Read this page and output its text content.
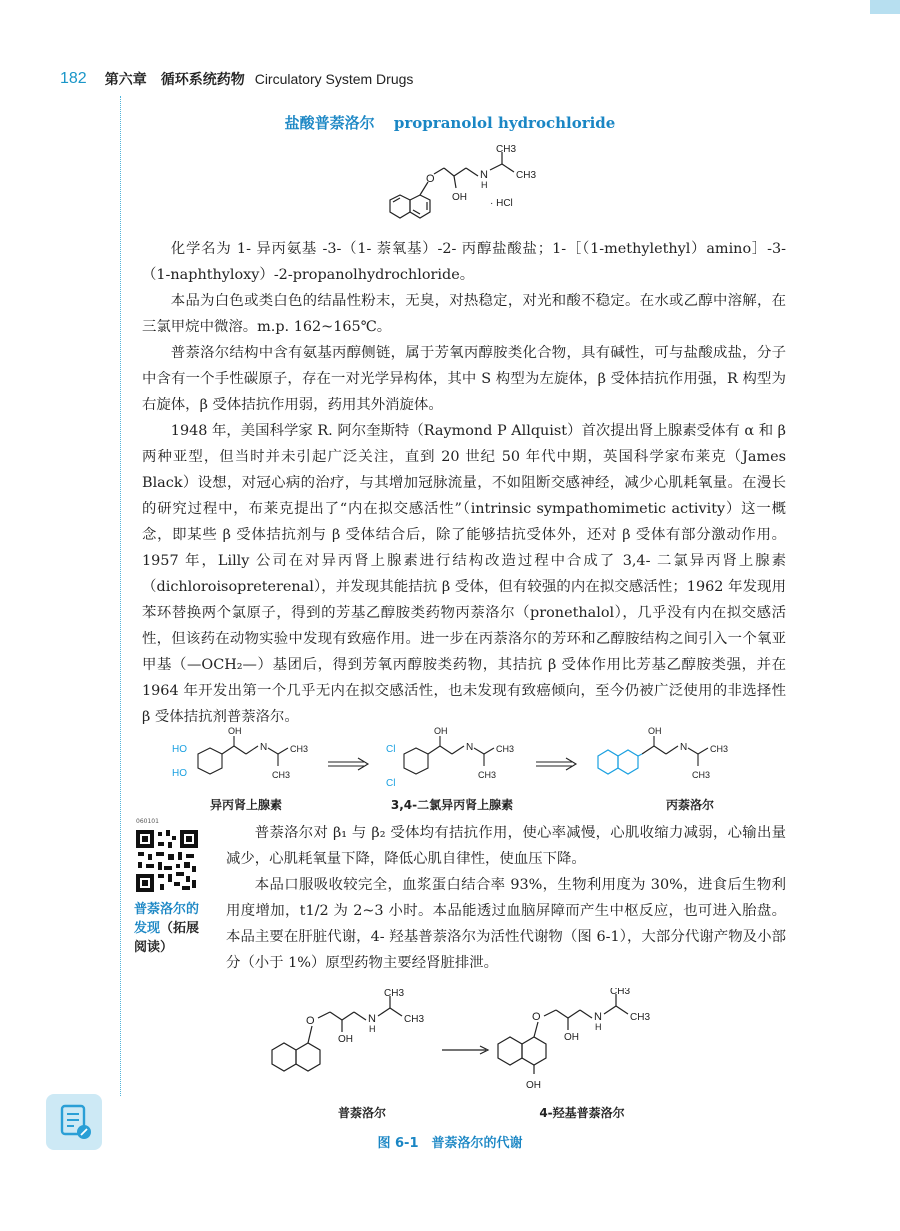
182 第六章 循环系统药物 Circulatory System Drugs
盐酸普萘洛尔 propranolol hydrochloride
O
OH
N
H
CH3
CH3
· HCl
化学名为 1- 异丙氨基 -3-（1- 萘氧基）-2- 丙醇盐酸盐；1-［（1-methylethyl）amino］-3-（1-naphthyloxy）-2-propanolhydrochloride。
本品为白色或类白色的结晶性粉末，无臭，对热稳定，对光和酸不稳定。在水或乙醇中溶解，在三氯甲烷中微溶。m.p. 162~165℃。
普萘洛尔结构中含有氨基丙醇侧链，属于芳氧丙醇胺类化合物，具有碱性，可与盐酸成盐，分子中含有一个手性碳原子，存在一对光学异构体，其中 S 构型为左旋体，β 受体拮抗作用强，R 构型为右旋体，β 受体拮抗作用弱，药用其外消旋体。
1948 年，美国科学家 R. 阿尔奎斯特（Raymond P Allquist）首次提出肾上腺素受体有 α 和 β 两种亚型，但当时并未引起广泛关注，直到 20 世纪 50 年代中期，英国科学家布莱克（James Black）设想，对冠心病的治疗，与其增加冠脉流量，不如阻断交感神经，减少心肌耗氧量。在漫长的研究过程中，布莱克提出了“内在拟交感活性”（intrinsic sympathomimetic activity）这一概念，即某些 β 受体拮抗剂与 β 受体结合后，除了能够拮抗受体外，还对 β 受体有部分激动作用。1957 年，Lilly 公司在对异丙肾上腺素进行结构改造过程中合成了 3,4- 二氯异丙肾上腺素（dichloroisopreterenal），并发现其能拮抗 β 受体，但有较强的内在拟交感活性；1962 年发现用苯环替换两个氯原子，得到的芳基乙醇胺类药物丙萘洛尔（pronethalol），几乎没有内在拟交感活性，但该药在动物实验中发现有致癌作用。进一步在丙萘洛尔的芳环和乙醇胺结构之间引入一个氧亚甲基（—OCH₂—）基团后，得到芳氧丙醇胺类药物，其拮抗 β 受体作用比芳基乙醇胺类强，并在 1964 年开发出第一个几乎无内在拟交感活性，也未发现有致癌倾向，至今仍被广泛使用的非选择性 β 受体拮抗剂普萘洛尔。
HO
HO
Cl
Cl
OH
N	CH3
CH3
OH
N	CH3
CH3
OH
N	CH3
CH3
异丙肾上腺素	3,4-二氯异丙肾上腺素	丙萘洛尔
060101
普萘洛尔的发现（拓展阅读）
普萘洛尔对 β₁ 与 β₂ 受体均有拮抗作用，使心率减慢，心肌收缩力减弱，心输出量减少，心肌耗氧量下降，降低心肌自律性，使血压下降。
本品口服吸收较完全，血浆蛋白结合率 93%，生物利用度为 30%，进食后生物利用度增加，t1/2 为 2~3 小时。本品能透过血脑屏障而产生中枢反应，也可进入胎盘。本品主要在肝脏代谢，4- 羟基普萘洛尔为活性代谢物（图 6-1），大部分代谢产物及小部分（小于 1%）原型药物主要经肾脏排泄。
O
OH
N
H
CH3
CH3	O
OH
N
H
CH3
CH3
OH
普萘洛尔	4-羟基普萘洛尔
图 6-1　普萘洛尔的代谢
